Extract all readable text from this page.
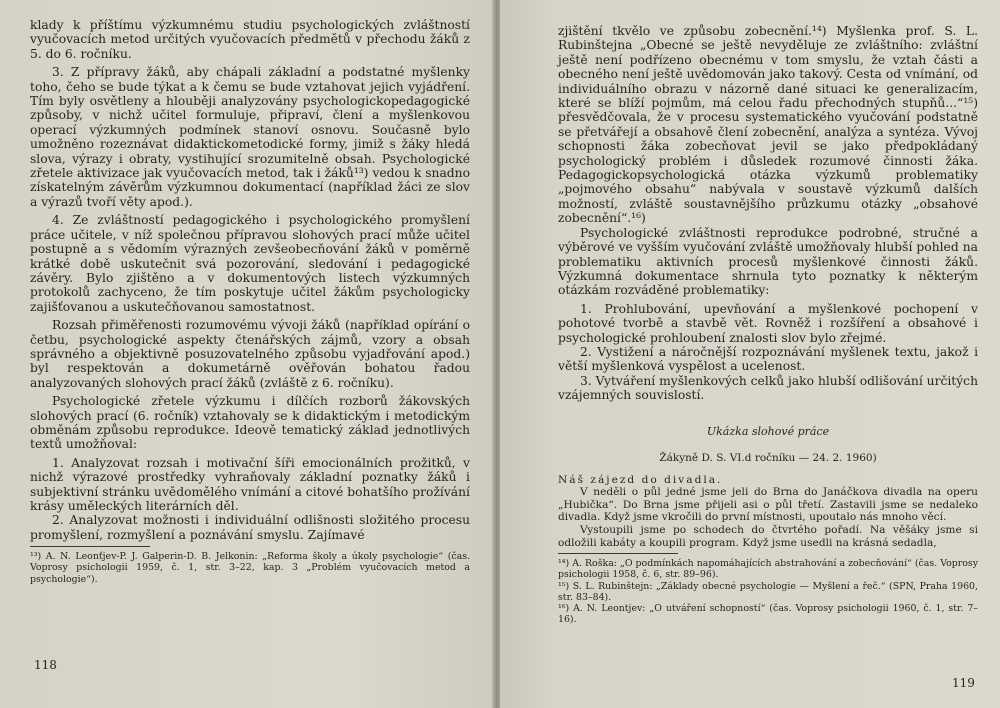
klady k příštímu výzkumnému studiu psychologických zvláštností vyučovacích metod určitých vyučovacích předmětů v přechodu žáků z 5. do 6. ročníku.

3. Z přípravy žáků, aby chápali základní a podstatné myšlenky toho, čeho se bude týkat a k čemu se bude vztahovat jejich vyjádření. Tím byly osvětleny a hlouběji analyzovány psychologickopedagogické způsoby, v nichž učitel formuluje, připraví, člení a myšlenkovou operací výzkumných podmínek stanoví osnovu. Současně bylo umožněno rozeznávat didaktickometodické formy, jimiž s žáky hledá slova, výrazy i obraty, vystihující srozumitelně obsah. Psychologické zřetele aktivizace jak vyučovacích metod, tak i žáků¹³) vedou k snadno získatelným závěrům výzkumnou dokumentací (například žáci ze slov a výrazů tvoří věty apod.).

4. Ze zvláštností pedagogického i psychologického promyšlení práce učitele, v níž společnou přípravou slohových prací může učitel postupně a s vědomím výrazných zevšeobecňování žáků v poměrně krátké době uskutečnit svá pozorování, sledování i pedagogické závěry. Bylo zjištěno a v dokumentových listech výzkumných protokolů zachyceno, že tím poskytuje učitel žákům psychologicky zajišťovanou a uskutečňovanou samostatnost.

Rozsah přiměřenosti rozumovému vývoji žáků (například opírání o četbu, psychologické aspekty čtenářských zájmů, vzory a obsah správného a objektivně posuzovatelného způsobu vyjadřování apod.) byl respektován a dokumetárně ověřován bohatou řadou analyzovaných slohových prací žáků (zvláště z 6. ročníku).

Psychologické zřetele výzkumu i dílčích rozborů žákovských slohových prací (6. ročník) vztahovaly se k didaktickým i metodickým obměnám způsobu reprodukce. Ideově tematický základ jednotlivých textů umožňoval:

1. Analyzovat rozsah i motivační šíři emocionálních prožitků, v nichž výrazové prostředky vyhraňovaly základní poznatky žáků i subjektivní stránku uvědomělého vnímání a citové bohatšího prožívání krásy uměleckých literárních děl.

2. Analyzovat možnosti i individuální odlišnosti složitého procesu promyšlení, rozmyšlení a poznávání smyslu. Zajímavé

¹³) A. N. Leonťjev-P. J. Galperin-D. B. Jelkonin: „Reforma školy a úkoly psychologie“ (čas. Voprosy psichologii 1959, č. 1, str. 3–22, kap. 3 „Problém vyučovacích metod a psychologie“).

118

zjištění tkvělo ve způsobu zobecnění.¹⁴) Myšlenka prof. S. L. Rubinštejna „Obecné se ještě nevyděluje ze zvláštního: zvláštní ještě není podřízeno obecnému v tom smyslu, že vztah části a obecného není ještě uvědomován jako takový. Cesta od vnímání, od individuálního obrazu v názorně dané situaci ke generalizacím, které se blíží pojmům, má celou řadu přechodných stupňů...“¹⁵) přesvědčovala, že v procesu systematického vyučování podstatně se přetvářejí a obsahově člení zobecnění, analýza a syntéza. Vývoj schopnosti žáka zobecňovat jevil se jako předpokládaný psychologický problém i důsledek rozumové činnosti žáka. Pedagogickopsychologická otázka výzkumů problematiky „pojmového obsahu“ nabývala v soustavě výzkumů dalších možností, zvláště soustavnějšího průzkumu otázky „obsahové zobecnění“.¹⁶)

Psychologické zvláštnosti reprodukce podrobné, stručné a výběrové ve vyšším vyučování zvláště umožňovaly hlubší pohled na problematiku aktivních procesů myšlenkové činnosti žáků. Výzkumná dokumentace shrnula tyto poznatky k některým otázkám rozváděné problematiky:

1. Prohlubování, upevňování a myšlenkové pochopení v pohotové tvorbě a stavbě vět. Rovněž i rozšíření a obsahové i psychologické prohloubení znalosti slov bylo zřejmé.

2. Vystižení a náročnější rozpoznávání myšlenek textu, jakož i větší myšlenková vyspělost a ucelenost.

3. Vytváření myšlenkových celků jako hlubší odlišování určitých vzájemných souvislostí.

Ukázka slohové práce
Žákyně D. S. VI.d ročníku — 24. 2. 1960)

Náš zájezd do divadla.

V neděli o půl jedné jsme jeli do Brna do Janáčkova divadla na operu „Hubička“. Do Brna jsme přijeli asi o půl třetí. Zastavili jsme se nedaleko divadla. Když jsme vkročili do první místnosti, upoutalo nás mnoho věcí.

Vystoupili jsme po schodech do čtvrtého pořadí. Na věšáky jsme si odložili kabáty a koupili program. Když jsme usedli na krásná sedadla,

¹⁴) A. Roška: „O podmínkách napomáhajících abstrahování a zobecňování“ (čas. Voprosy psichologii 1958, č. 6, str. 89–96).

¹⁵) S. L. Rubinštejn: „Základy obecné psychologie — Myšlení a řeč.“ (SPN, Praha 1960, str. 83–84).

¹⁶) A. N. Leontjev: „O utváření schopností“ (čas. Voprosy psichologii 1960, č. 1, str. 7–16).

119
